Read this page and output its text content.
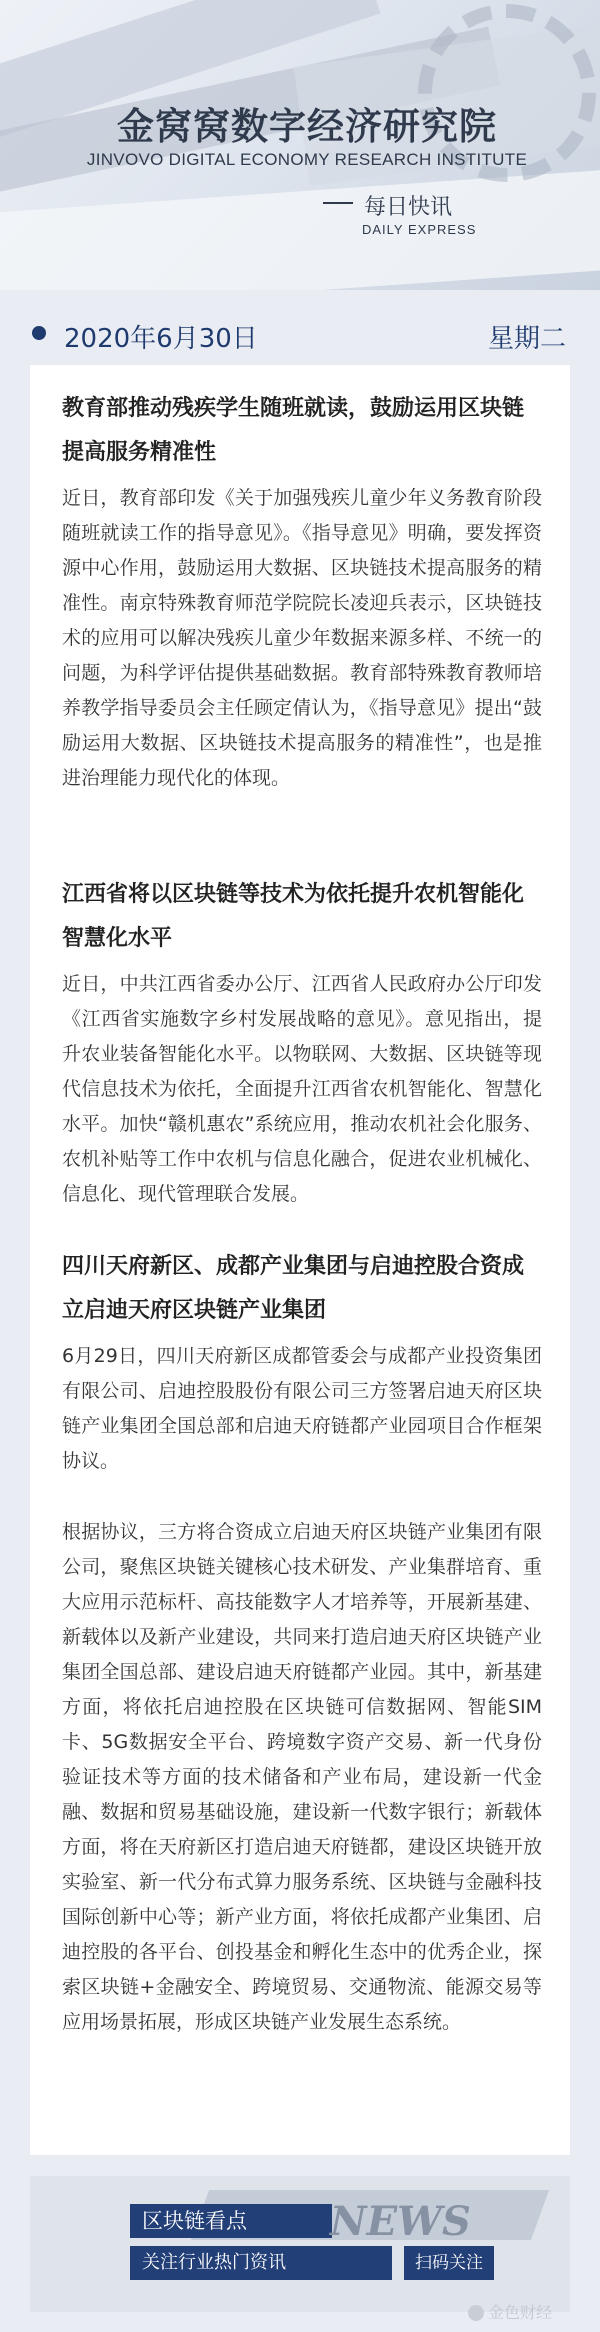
金窝窝数字经济研究院
JINVOVO DIGITAL ECONOMY RESEARCH INSTITUTE
每日快讯
DAILY EXPRESS
2020年6月30日	星期二
教育部推动残疾学生随班就读，鼓励运用区块链提高服务精准性

近日，教育部印发《关于加强残疾儿童少年义务教育阶段随班就读工作的指导意见》。《指导意见》明确，要发挥资源中心作用，鼓励运用大数据、区块链技术提高服务的精准性。南京特殊教育师范学院院长凌迎兵表示，区块链技术的应用可以解决残疾儿童少年数据来源多样、不统一的问题，为科学评估提供基础数据。教育部特殊教育教师培养教学指导委员会主任顾定倩认为，《指导意见》提出“鼓励运用大数据、区块链技术提高服务的精准性”，也是推进治理能力现代化的体现。

江西省将以区块链等技术为依托提升农机智能化智慧化水平

近日，中共江西省委办公厅、江西省人民政府办公厅印发《江西省实施数字乡村发展战略的意见》。意见指出，提升农业装备智能化水平。以物联网、大数据、区块链等现代信息技术为依托，全面提升江西省农机智能化、智慧化水平。加快“赣机惠农”系统应用，推动农机社会化服务、农机补贴等工作中农机与信息化融合，促进农业机械化、信息化、现代管理联合发展。

四川天府新区、成都产业集团与启迪控股合资成立启迪天府区块链产业集团

6月29日，四川天府新区成都管委会与成都产业投资集团有限公司、启迪控股股份有限公司三方签署启迪天府区块链产业集团全国总部和启迪天府链都产业园项目合作框架协议。

根据协议，三方将合资成立启迪天府区块链产业集团有限公司，聚焦区块链关键核心技术研发、产业集群培育、重大应用示范标杆、高技能数字人才培养等，开展新基建、新载体以及新产业建设，共同来打造启迪天府区块链产业集团全国总部、建设启迪天府链都产业园。其中，新基建方面，将依托启迪控股在区块链可信数据网、智能SIM卡、5G数据安全平台、跨境数字资产交易、新一代身份验证技术等方面的技术储备和产业布局，建设新一代金融、数据和贸易基础设施，建设新一代数字银行；新载体方面，将在天府新区打造启迪天府链都，建设区块链开放实验室、新一代分布式算力服务系统、区块链与金融科技国际创新中心等；新产业方面，将依托成都产业集团、启迪控股的各平台、创投基金和孵化生态中的优秀企业，探索区块链+金融安全、跨境贸易、交通物流、能源交易等应用场景拓展，形成区块链产业发展生态系统。

区块链看点	NEWS
关注行业热门资讯	扫码关注
金色财经
